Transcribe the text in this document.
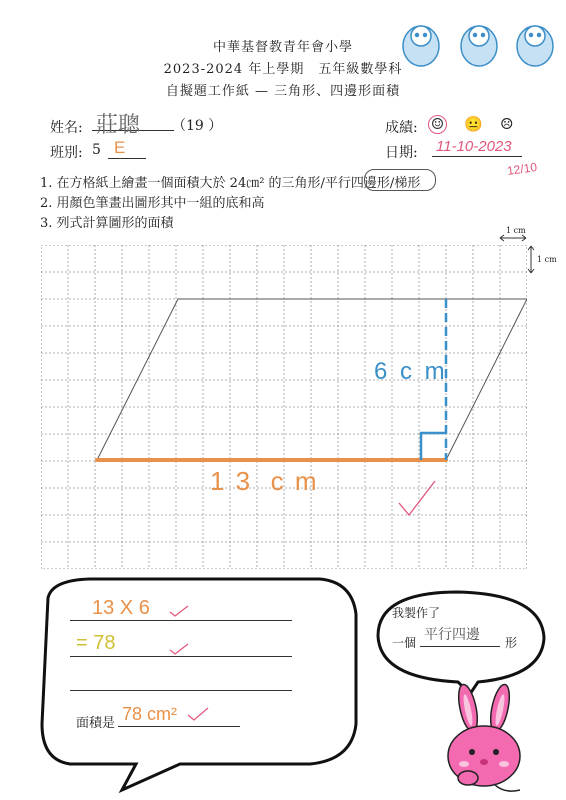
中華基督教青年會小學
2023-2024 年上學期　五年級數學科
自擬題工作紙 — 三角形、四邊形面積
姓名: 莊聰	（19 ）
班別: 5 E
成績: ☺ 😐 ☹
日期: 11-10-2023
12/10
1. 在方格紙上繪畫一個面積大於 24㎝² 的三角形/平行四邊形/梯形
2. 用顏色筆畫出圖形其中一組的底和高
3. 列式計算圖形的面積	1 cm
1 cm
6 c m
1 3  c m
13 X 6
= 78
面積是 78 cm²
我製作了
一個
平行四邊
形
